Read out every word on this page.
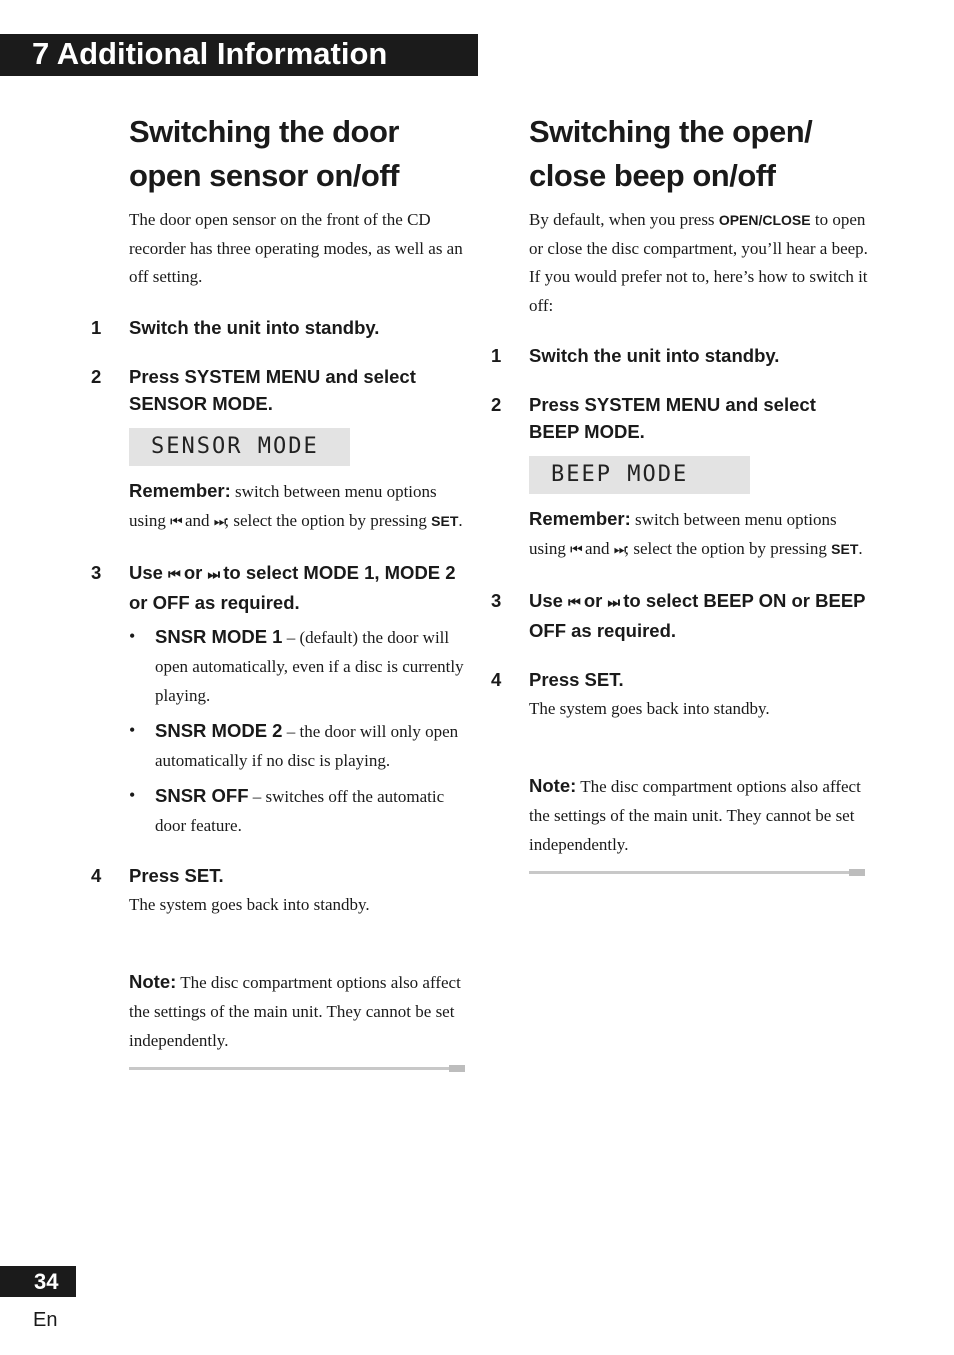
7 Additional Information
Switching the door
open sensor on/off

The door open sensor on the front of the CD recorder has three operating modes, as well as an off setting.

1 Switch the unit into standby.
2 Press SYSTEM MENU and select SENSOR MODE.
SENSOR MODE
Remember: switch between menu options using ⏮ and ⏭; select the option by pressing SET.
3 Use ⏮ or ⏭ to select MODE 1, MODE 2 or OFF as required.
• SNSR MODE 1 – (default) the door will open automatically, even if a disc is currently playing.
• SNSR MODE 2 – the door will only open automatically if no disc is playing.
• SNSR OFF – switches off the automatic door feature.
4 Press SET.
The system goes back into standby.
Note: The disc compartment options also affect the settings of the main unit. They cannot be set independently.
Switching the open/
close beep on/off

By default, when you press OPEN/CLOSE to open or close the disc compartment, you’ll hear a beep. If you would prefer not to, here’s how to switch it off:

1 Switch the unit into standby.
2 Press SYSTEM MENU and select BEEP MODE.
BEEP MODE
Remember: switch between menu options using ⏮ and ⏭; select the option by pressing SET.
3 Use ⏮ or ⏭ to select BEEP ON or BEEP OFF as required.
4 Press SET.
The system goes back into standby.
Note: The disc compartment options also affect the settings of the main unit. They cannot be set independently.
34
En
